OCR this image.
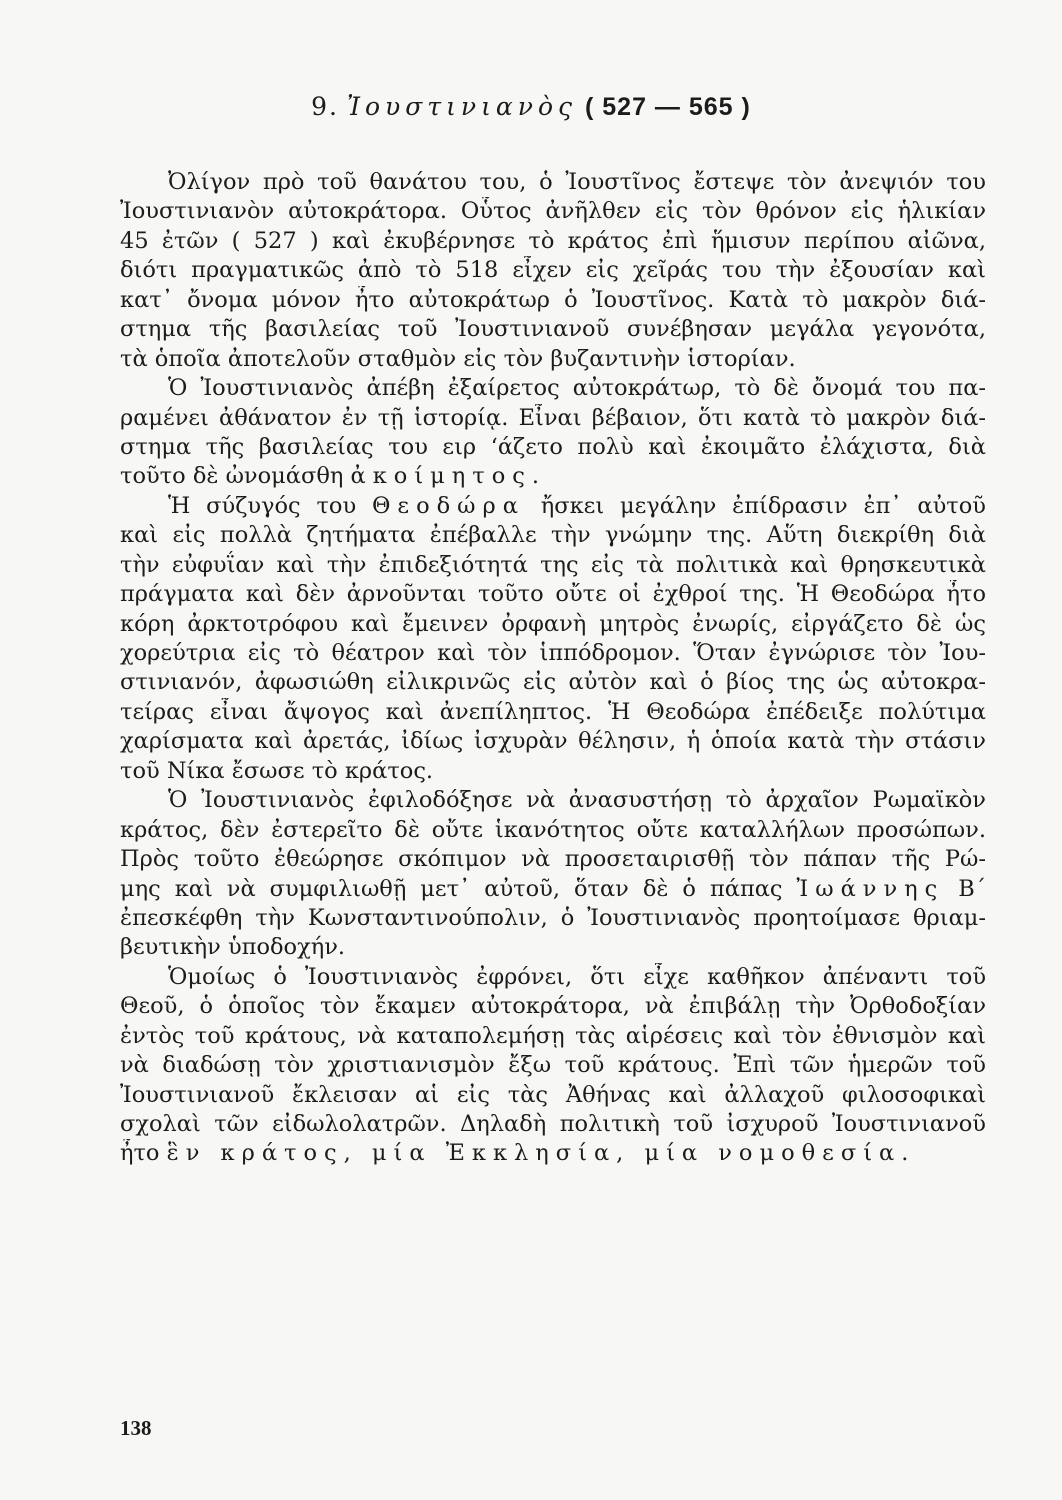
9. Ἰουστινιανὸς ( 527 — 565 )
Ὀλίγον πρὸ τοῦ θανάτου του, ὁ Ἰουστῖνος ἔστεψε τὸν ἀνεψιόν του
Ἰουστινιανὸν αὐτοκράτορα. Οὗτος ἀνῆλθεν εἰς τὸν θρόνον εἰς ἡλικίαν
45 ἐτῶν ( 527 ) καὶ ἐκυβέρνησε τὸ κράτος ἐπὶ ἥμισυν περίπου αἰῶνα,
διότι πραγματικῶς ἀπὸ τὸ 518 εἶχεν εἰς χεῖράς του τὴν ἐξουσίαν καὶ
κατ᾽ ὄνομα μόνον ἦτο αὐτοκράτωρ ὁ Ἰουστῖνος. Κατὰ τὸ μακρὸν διά-
στημα τῆς βασιλείας τοῦ Ἰουστινιανοῦ συνέβησαν μεγάλα γεγονότα,
τὰ ὁποῖα ἀποτελοῦν σταθμὸν εἰς τὸν βυζαντινὴν ἱστορίαν.
Ὁ Ἰουστινιανὸς ἀπέβη ἐξαίρετος αὐτοκράτωρ, τὸ δὲ ὄνομά του πα-
ραμένει ἀθάνατον ἐν τῇ ἱστορίᾳ. Εἶναι βέβαιον, ὅτι κατὰ τὸ μακρὸν διά-
στημα τῆς βασιλείας του ειρ ‘άζετο πολὺ καὶ ἐκοιμᾶτο ἐλάχιστα, διὰ
τοῦτο δὲ ὠνομάσθη ἀκοίμητος.
Ἡ σύζυγός του Θεοδώρα ἤσκει μεγάλην ἐπίδρασιν ἐπ᾽ αὐτοῦ
καὶ εἰς πολλὰ ζητήματα ἐπέβαλλε τὴν γνώμην της. Αὕτη διεκρίθη διὰ
τὴν εὐφυΐαν καὶ τὴν ἐπιδεξιότητά της εἰς τὰ πολιτικὰ καὶ θρησκευτικὰ
πράγματα καὶ δὲν ἀρνοῦνται τοῦτο οὔτε οἱ ἐχθροί της. Ἡ Θεοδώρα ἦτο
κόρη ἀρκτοτρόφου καὶ ἔμεινεν ὀρφανὴ μητρὸς ἐνωρίς, εἰργάζετο δὲ ὡς
χορεύτρια εἰς τὸ θέατρον καὶ τὸν ἱππόδρομον. Ὅταν ἐγνώρισε τὸν Ἰου-
στινιανόν, ἀφωσιώθη εἰλικρινῶς εἰς αὐτὸν καὶ ὁ βίος της ὡς αὐτοκρα-
τείρας εἶναι ἄψογος καὶ ἀνεπίληπτος. Ἡ Θεοδώρα ἐπέδειξε πολύτιμα
χαρίσματα καὶ ἀρετάς, ἰδίως ἰσχυρὰν θέλησιν, ἡ ὁποία κατὰ τὴν στάσιν
τοῦ Νίκα ἔσωσε τὸ κράτος.
Ὁ Ἰουστινιανὸς ἐφιλοδόξησε νὰ ἀνασυστήσῃ τὸ ἀρχαῖον Ρωμαϊκὸν
κράτος, δὲν ἐστερεῖτο δὲ οὔτε ἱκανότητος οὔτε καταλλήλων προσώπων.
Πρὸς τοῦτο ἐθεώρησε σκόπιμον νὰ προσεταιρισθῇ τὸν πάπαν τῆς Ρώ-
μης καὶ νὰ συμφιλιωθῇ μετ᾽ αὐτοῦ, ὅταν δὲ ὁ πάπας Ἰωάννης Β΄
ἐπεσκέφθη τὴν Κωνσταντινούπολιν, ὁ Ἰουστινιανὸς προητοίμασε θριαμ-
βευτικὴν ὑποδοχήν.
Ὁμοίως ὁ Ἰουστινιανὸς ἐφρόνει, ὅτι εἶχε καθῆκον ἀπέναντι τοῦ
Θεοῦ, ὁ ὁποῖος τὸν ἔκαμεν αὐτοκράτορα, νὰ ἐπιβάλῃ τὴν Ὀρθοδοξίαν
ἐντὸς τοῦ κράτους, νὰ καταπολεμήσῃ τὰς αἱρέσεις καὶ τὸν ἐθνισμὸν καὶ
νὰ διαδώσῃ τὸν χριστιανισμὸν ἔξω τοῦ κράτους. Ἐπὶ τῶν ἡμερῶν τοῦ
Ἰουστινιανοῦ ἔκλεισαν αἱ εἰς τὰς Ἀθήνας καὶ ἀλλαχοῦ φιλοσοφικαὶ
σχολαὶ τῶν εἰδωλολατρῶν. Δηλαδὴ πολιτικὴ τοῦ ἰσχυροῦ Ἰουστινιανοῦ
ἦτο ἓν κράτος, μία Ἐκκλησία, μία νομοθεσία.
138
